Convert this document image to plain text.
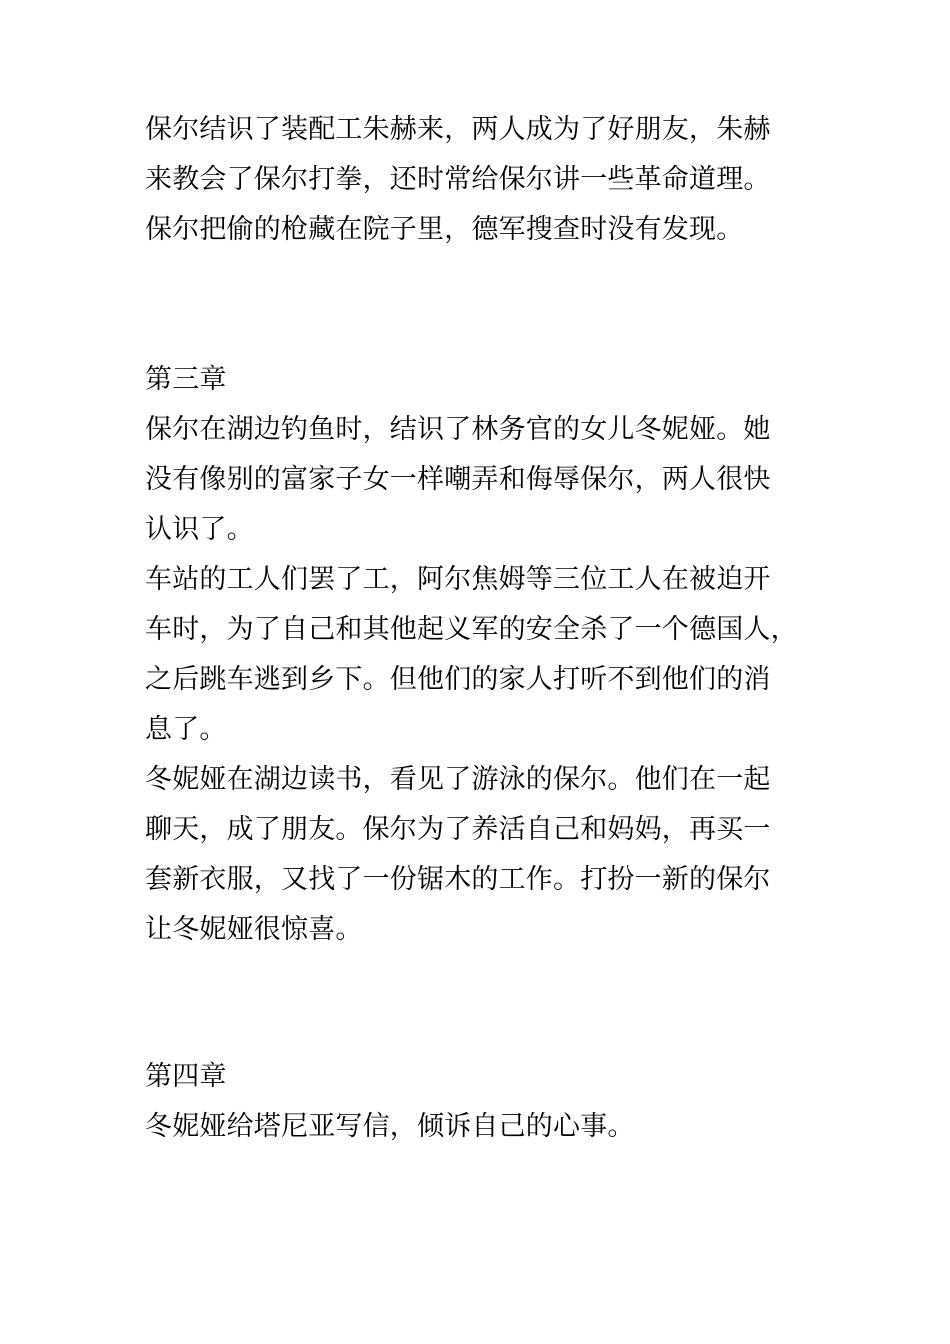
保尔结识了装配工朱赫来，两人成为了好朋友，朱赫
来教会了保尔打拳，还时常给保尔讲一些革命道理。
保尔把偷的枪藏在院子里，德军搜查时没有发现。

第三章

保尔在湖边钓鱼时，结识了林务官的女儿冬妮娅。她
没有像别的富家子女一样嘲弄和侮辱保尔，两人很快
认识了。

车站的工人们罢了工，阿尔焦姆等三位工人在被迫开
车时，为了自己和其他起义军的安全杀了一个德国人，
之后跳车逃到乡下。但他们的家人打听不到他们的消
息了。

冬妮娅在湖边读书，看见了游泳的保尔。他们在一起
聊天，成了朋友。保尔为了养活自己和妈妈，再买一
套新衣服，又找了一份锯木的工作。打扮一新的保尔
让冬妮娅很惊喜。

第四章

冬妮娅给塔尼亚写信，倾诉自己的心事。
